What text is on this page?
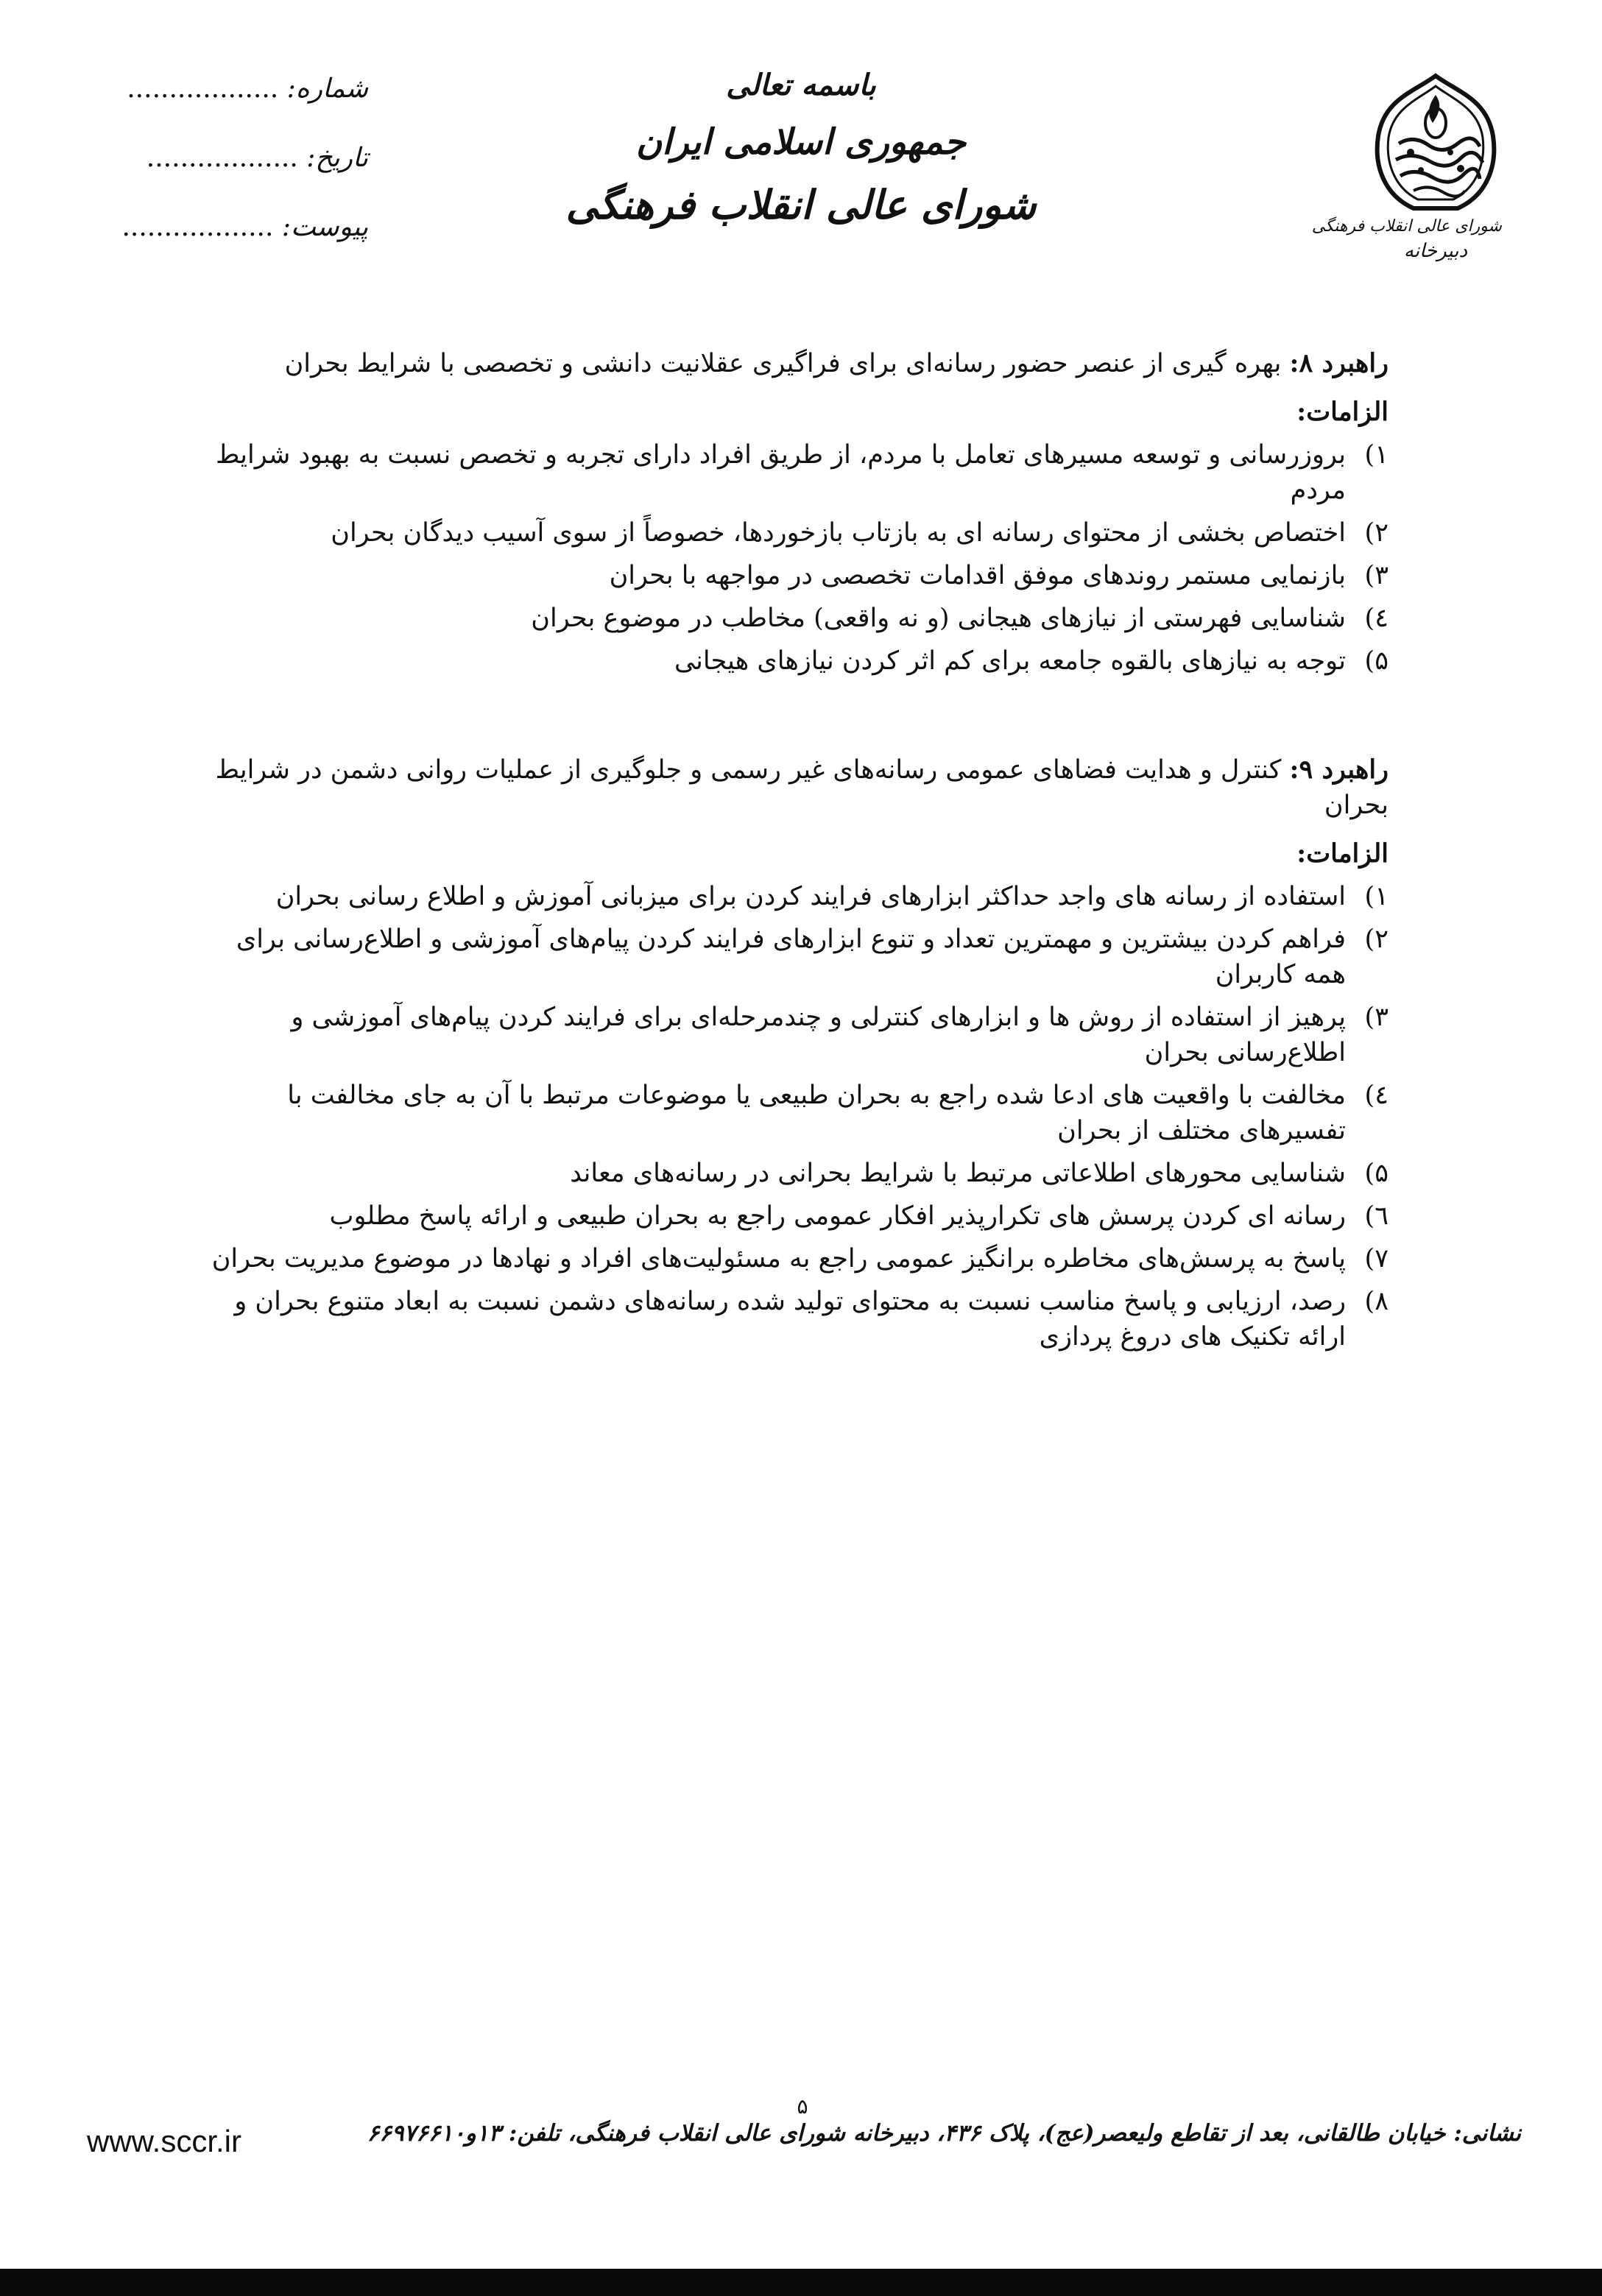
شورای عالی انقلاب فرهنگی
دبیرخانه
باسمه تعالی
جمهوری اسلامی ایران
شورای عالی انقلاب فرهنگی
شماره: ..................
تاریخ: ..................
پیوست: ..................

راهبرد ۸: بهره گیری از عنصر حضور رسانه‌ای برای فراگیری عقلانیت دانشی و تخصصی با شرایط بحران

الزامات:
۱)
بروزرسانی و توسعه مسیرهای تعامل با مردم، از طریق افراد دارای تجربه و تخصص نسبت به بهبود شرایط مردم
۲)
اختصاص بخشی از محتوای رسانه ای به بازتاب بازخوردها، خصوصاً از سوی آسیب دیدگان بحران
۳)
بازنمایی مستمر روندهای موفق اقدامات تخصصی در مواجهه با بحران
٤)
شناسایی فهرستی از نیازهای هیجانی (و نه واقعی) مخاطب در موضوع بحران
۵)
توجه به نیازهای بالقوه جامعه برای کم اثر کردن نیازهای هیجانی

راهبرد ۹: کنترل و هدایت فضاهای عمومی رسانه‌های غیر رسمی و جلوگیری از عملیات روانی دشمن در شرایط بحران

الزامات:
۱)
استفاده از رسانه های واجد حداکثر ابزارهای فرایند کردن برای میزبانی آموزش و اطلاع رسانی بحران
۲)
فراهم کردن بیشترین و مهمترین تعداد و تنوع ابزارهای فرایند کردن پیام‌های آموزشی و اطلاع‌رسانی برای همه کاربران
۳)
پرهیز از استفاده از روش ها و ابزارهای کنترلی و چندمرحله‌ای برای فرایند کردن پیام‌های آموزشی و اطلاع‌رسانی بحران
٤)
مخالفت با واقعیت های ادعا شده راجع به بحران طبیعی یا موضوعات مرتبط با آن به جای مخالفت با تفسیرهای مختلف از بحران
۵)
شناسایی محورهای اطلاعاتی مرتبط با شرایط بحرانی در رسانه‌های معاند
٦)
رسانه ای کردن پرسش های تکرارپذیر افکار عمومی راجع به بحران طبیعی و ارائه پاسخ مطلوب
۷)
پاسخ به پرسش‌های مخاطره برانگیز عمومی راجع به مسئولیت‌های افراد و نهادها در موضوع مدیریت بحران
۸)
رصد، ارزیابی و پاسخ مناسب نسبت به محتوای تولید شده رسانه‌های دشمن نسبت به ابعاد متنوع بحران و ارائه تکنیک های دروغ پردازی
۵
نشانی: خیابان طالقانی، بعد از تقاطع ولیعصر(عج)، پلاک ۴۳۶، دبیرخانه شورای عالی انقلاب فرهنگی، تلفن: ۱۳و۶۶۹۷۶۶۱۰
www.sccr.ir
